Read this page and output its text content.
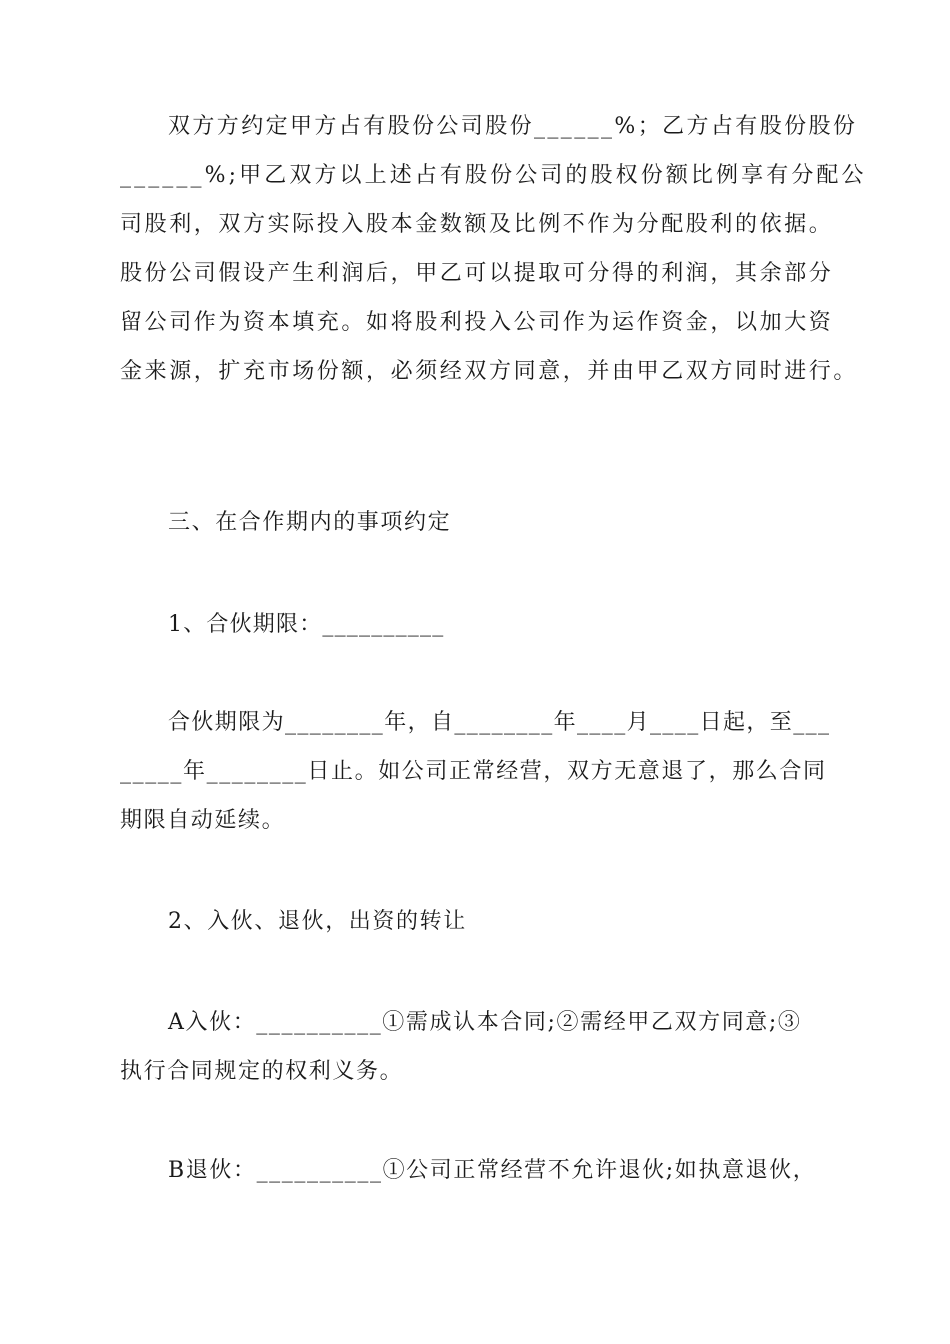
双方方约定甲方占有股份公司股份______%；乙方占有股份股份
______%;甲乙双方以上述占有股份公司的股权份额比例享有分配公
司股利，双方实际投入股本金数额及比例不作为分配股利的依据。
股份公司假设产生利润后，甲乙可以提取可分得的利润，其余部分
留公司作为资本填充。如将股利投入公司作为运作资金，以加大资
金来源，扩充市场份额，必须经双方同意，并由甲乙双方同时进行。
三、在合作期内的事项约定
1、合伙期限：__________
合伙期限为________年，自________年____月____日起，至___
_____年________日止。如公司正常经营，双方无意退了，那么合同
期限自动延续。
2、入伙、退伙，出资的转让
A入伙：__________①需成认本合同;②需经甲乙双方同意;③
执行合同规定的权利义务。
B退伙：__________①公司正常经营不允许退伙;如执意退伙，
